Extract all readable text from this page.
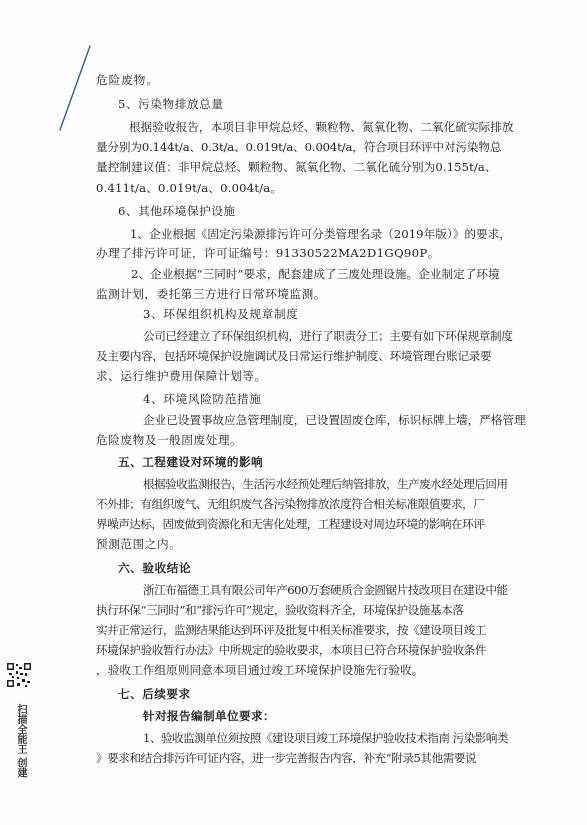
危险废物。
5、污染物排放总量
根据验收报告，本项目非甲烷总烃、颗粒物、氮氧化物、二氧化硫实际排放
量分别为0.144t/a、0.3t/a、0.019t/a、0.004t/a，符合项目环评中对污染物总
量控制建议值：非甲烷总烃、颗粒物、氮氧化物、二氧化硫分别为0.155t/a、
0.411t/a、0.019t/a、0.004t/a。
6、其他环境保护设施
1、企业根据《固定污染源排污许可分类管理名录（2019年版）》的要求，
办理了排污许可证，许可证编号：91330522MA2D1GQ90P。
2、企业根据“三同时”要求，配套建成了三废处理设施。企业制定了环境
监测计划，委托第三方进行日常环境监测。
3、环保组织机构及规章制度
公司已经建立了环保组织机构，进行了职责分工；主要有如下环保规章制度
及主要内容，包括环境保护设施调试及日常运行维护制度、环境管理台账记录要
求、运行维护费用保障计划等。
4、环境风险防范措施
企业已设置事故应急管理制度，已设置固废仓库，标识标牌上墙，严格管理
危险废物及一般固废处理。
五、工程建设对环境的影响
根据验收监测报告，生活污水经预处理后纳管排放，生产废水经处理后回用
不外排；有组织废气、无组织废气各污染物排放浓度符合相关标准限值要求，厂
界噪声达标，固废做到资源化和无害化处理，工程建设对周边环境的影响在环评
预测范围之内。
六、验收结论
浙江布福德工具有限公司年产600万套硬质合金圆锯片技改项目在建设中能
执行环保“三同时”和“排污许可”规定，验收资料齐全，环境保护设施基本落
实并正常运行，监测结果能达到环评及批复中相关标准要求，按《建设项目竣工
环境保护验收暂行办法》中所规定的验收要求，本项目已符合环境保护验收条件
，验收工作组原则同意本项目通过竣工环境保护设施先行验收。
七、后续要求
针对报告编制单位要求：
1、验收监测单位须按照《建设项目竣工环境保护验收技术指南 污染影响类
》要求和结合排污许可证内容，进一步完善报告内容，补充“附录5其他需要说
扫描全能王 创建
